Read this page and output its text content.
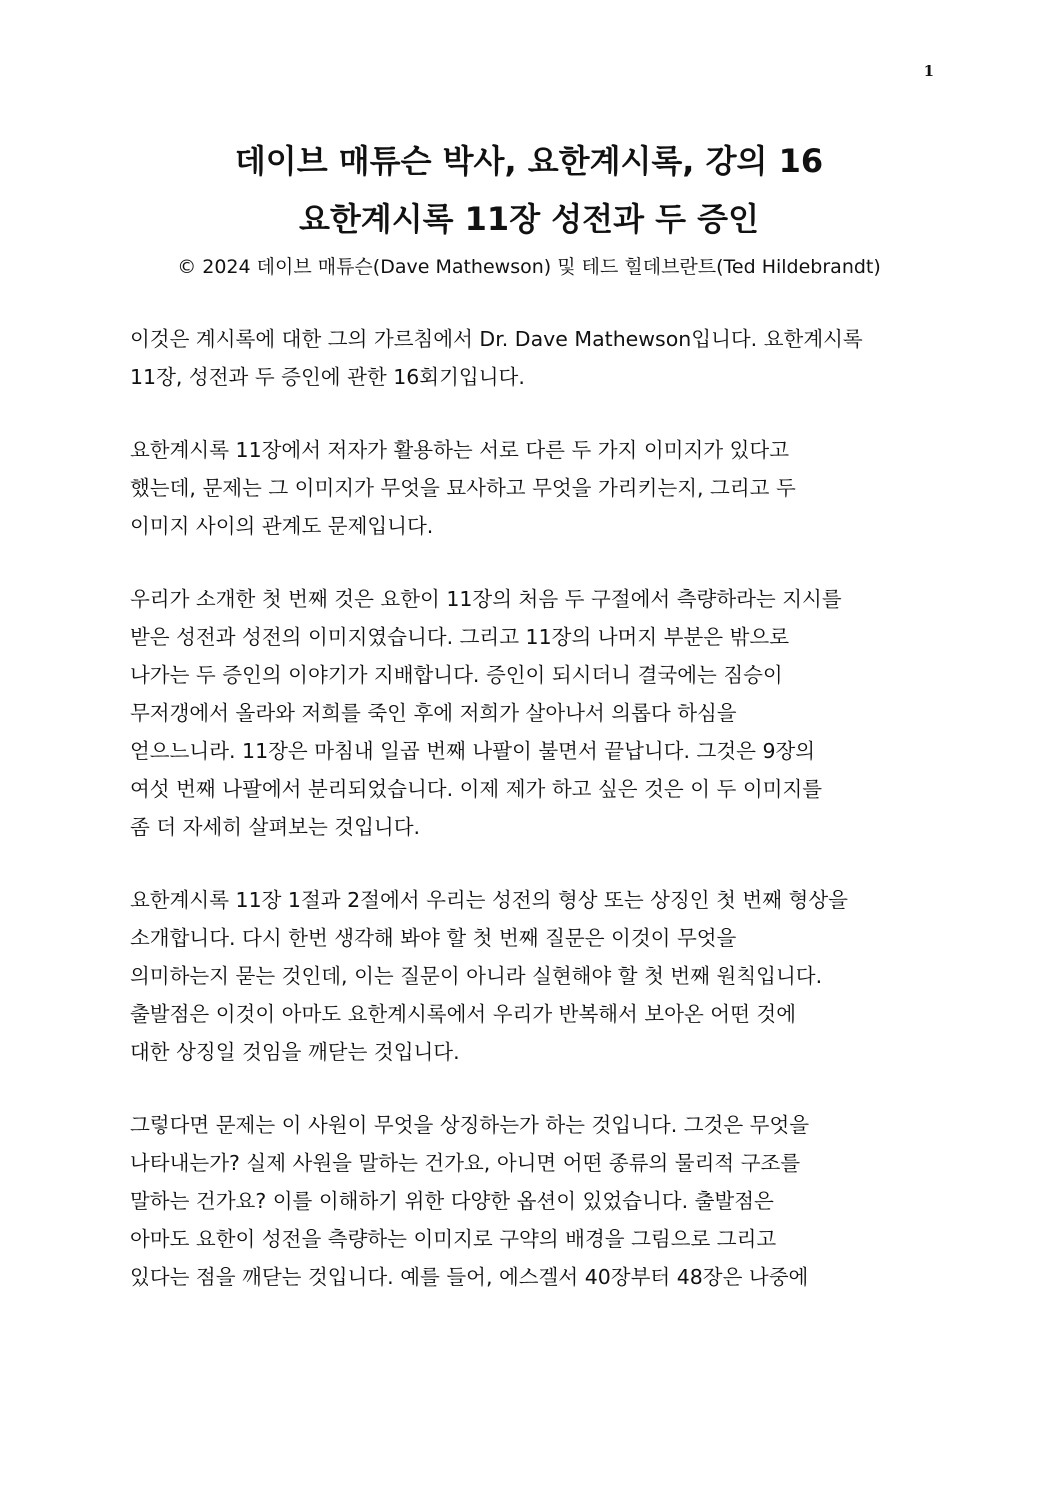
1
데이브 매튜슨 박사, 요한계시록, 강의 16
요한계시록 11장 성전과 두 증인
© 2024 데이브 매튜슨(Dave Mathewson) 및 테드 힐데브란트(Ted Hildebrandt)
이것은 계시록에 대한 그의 가르침에서 Dr. Dave Mathewson입니다. 요한계시록
11장, 성전과 두 증인에 관한 16회기입니다.
요한계시록 11장에서 저자가 활용하는 서로 다른 두 가지 이미지가 있다고
했는데, 문제는 그 이미지가 무엇을 묘사하고 무엇을 가리키는지, 그리고 두
이미지 사이의 관계도 문제입니다.
우리가 소개한 첫 번째 것은 요한이 11장의 처음 두 구절에서 측량하라는 지시를
받은 성전과 성전의 이미지였습니다. 그리고 11장의 나머지 부분은 밖으로
나가는 두 증인의 이야기가 지배합니다. 증인이 되시더니 결국에는 짐승이
무저갱에서 올라와 저희를 죽인 후에 저희가 살아나서 의롭다 하심을
얻으느니라. 11장은 마침내 일곱 번째 나팔이 불면서 끝납니다. 그것은 9장의
여섯 번째 나팔에서 분리되었습니다. 이제 제가 하고 싶은 것은 이 두 이미지를
좀 더 자세히 살펴보는 것입니다.
요한계시록 11장 1절과 2절에서 우리는 성전의 형상 또는 상징인 첫 번째 형상을
소개합니다. 다시 한번 생각해 봐야 할 첫 번째 질문은 이것이 무엇을
의미하는지 묻는 것인데, 이는 질문이 아니라 실현해야 할 첫 번째 원칙입니다.
출발점은 이것이 아마도 요한계시록에서 우리가 반복해서 보아온 어떤 것에
대한 상징일 것임을 깨닫는 것입니다.
그렇다면 문제는 이 사원이 무엇을 상징하는가 하는 것입니다. 그것은 무엇을
나타내는가? 실제 사원을 말하는 건가요, 아니면 어떤 종류의 물리적 구조를
말하는 건가요? 이를 이해하기 위한 다양한 옵션이 있었습니다. 출발점은
아마도 요한이 성전을 측량하는 이미지로 구약의 배경을 그림으로 그리고
있다는 점을 깨닫는 것입니다. 예를 들어, 에스겔서 40장부터 48장은 나중에
